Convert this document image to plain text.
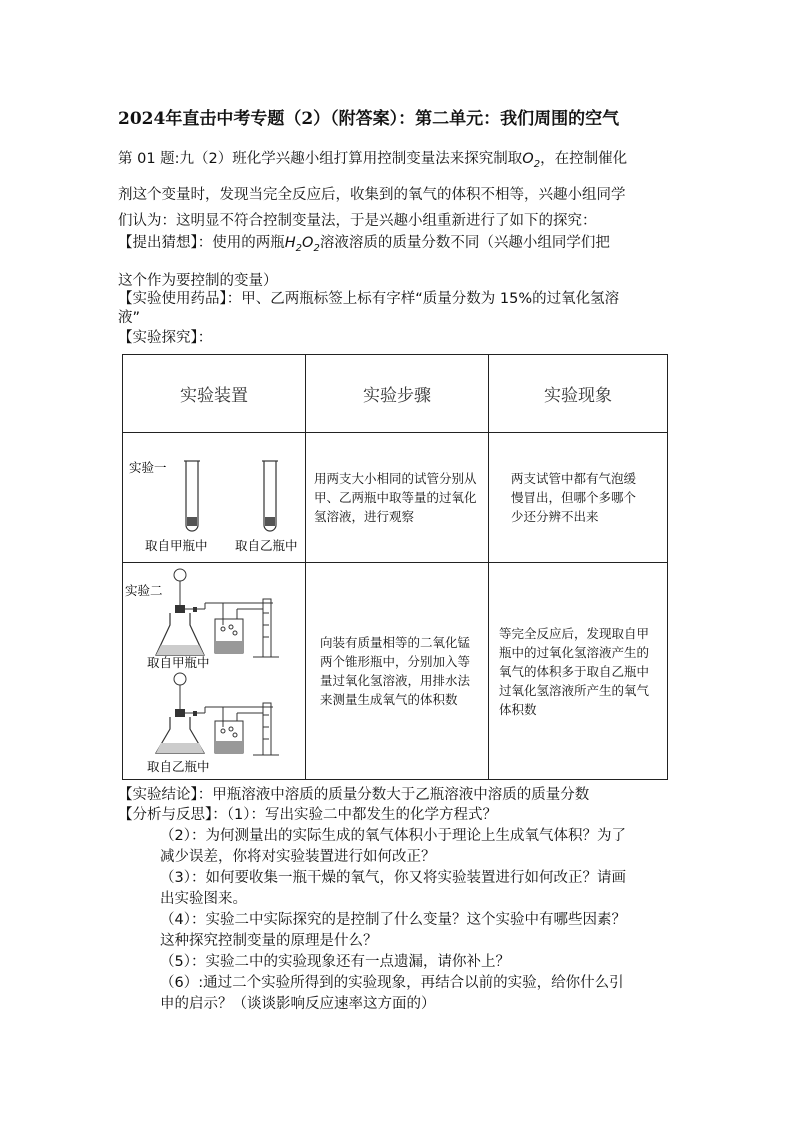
2024年直击中考专题（2）（附答案）：第二单元：我们周围的空气
第 01 题:九（2）班化学兴趣小组打算用控制变量法来探究制取$O_2$，在控制催化
剂这个变量时，发现当完全反应后，收集到的氧气的体积不相等，兴趣小组同学
们认为：这明显不符合控制变量法，于是兴趣小组重新进行了如下的探究：
【提出猜想】：使用的两瓶$H_2O_2$溶液溶质的质量分数不同（兴趣小组同学们把
这个作为要控制的变量）
【实验使用药品】：甲、乙两瓶标签上标有字样“质量分数为 15%的过氧化氢溶
液”
【实验探究】：
实验装置	实验步骤	实验现象

实验一
取自甲瓶中 取自乙瓶中	用两支大小相同的试管分别从甲、乙两瓶中取等量的过氧化氢溶液，进行观察	两支试管中都有气泡缓慢冒出，但哪个多哪个少还分辨不出来

实验二
取自甲瓶中
取自乙瓶中	向装有质量相等的二氧化锰两个锥形瓶中，分别加入等量过氧化氢溶液，用排水法来测量生成氧气的体积数	等完全反应后，发现取自甲瓶中的过氧化氢溶液产生的氧气的体积多于取自乙瓶中过氧化氢溶液所产生的氧气体积数
【实验结论】：甲瓶溶液中溶质的质量分数大于乙瓶溶液中溶质的质量分数
【分析与反思】：（1）：写出实验二中都发生的化学方程式？
（2）：为何测量出的实际生成的氧气体积小于理论上生成氧气体积？为了
减少误差，你将对实验装置进行如何改正？
（3）：如何要收集一瓶干燥的氧气，你又将实验装置进行如何改正？请画
出实验图来。
（4）：实验二中实际探究的是控制了什么变量？这个实验中有哪些因素？
这种探究控制变量的原理是什么？
（5）：实验二中的实验现象还有一点遗漏，请你补上？
（6）:通过二个实验所得到的实验现象，再结合以前的实验，给你什么引
申的启示？（谈谈影响反应速率这方面的）
